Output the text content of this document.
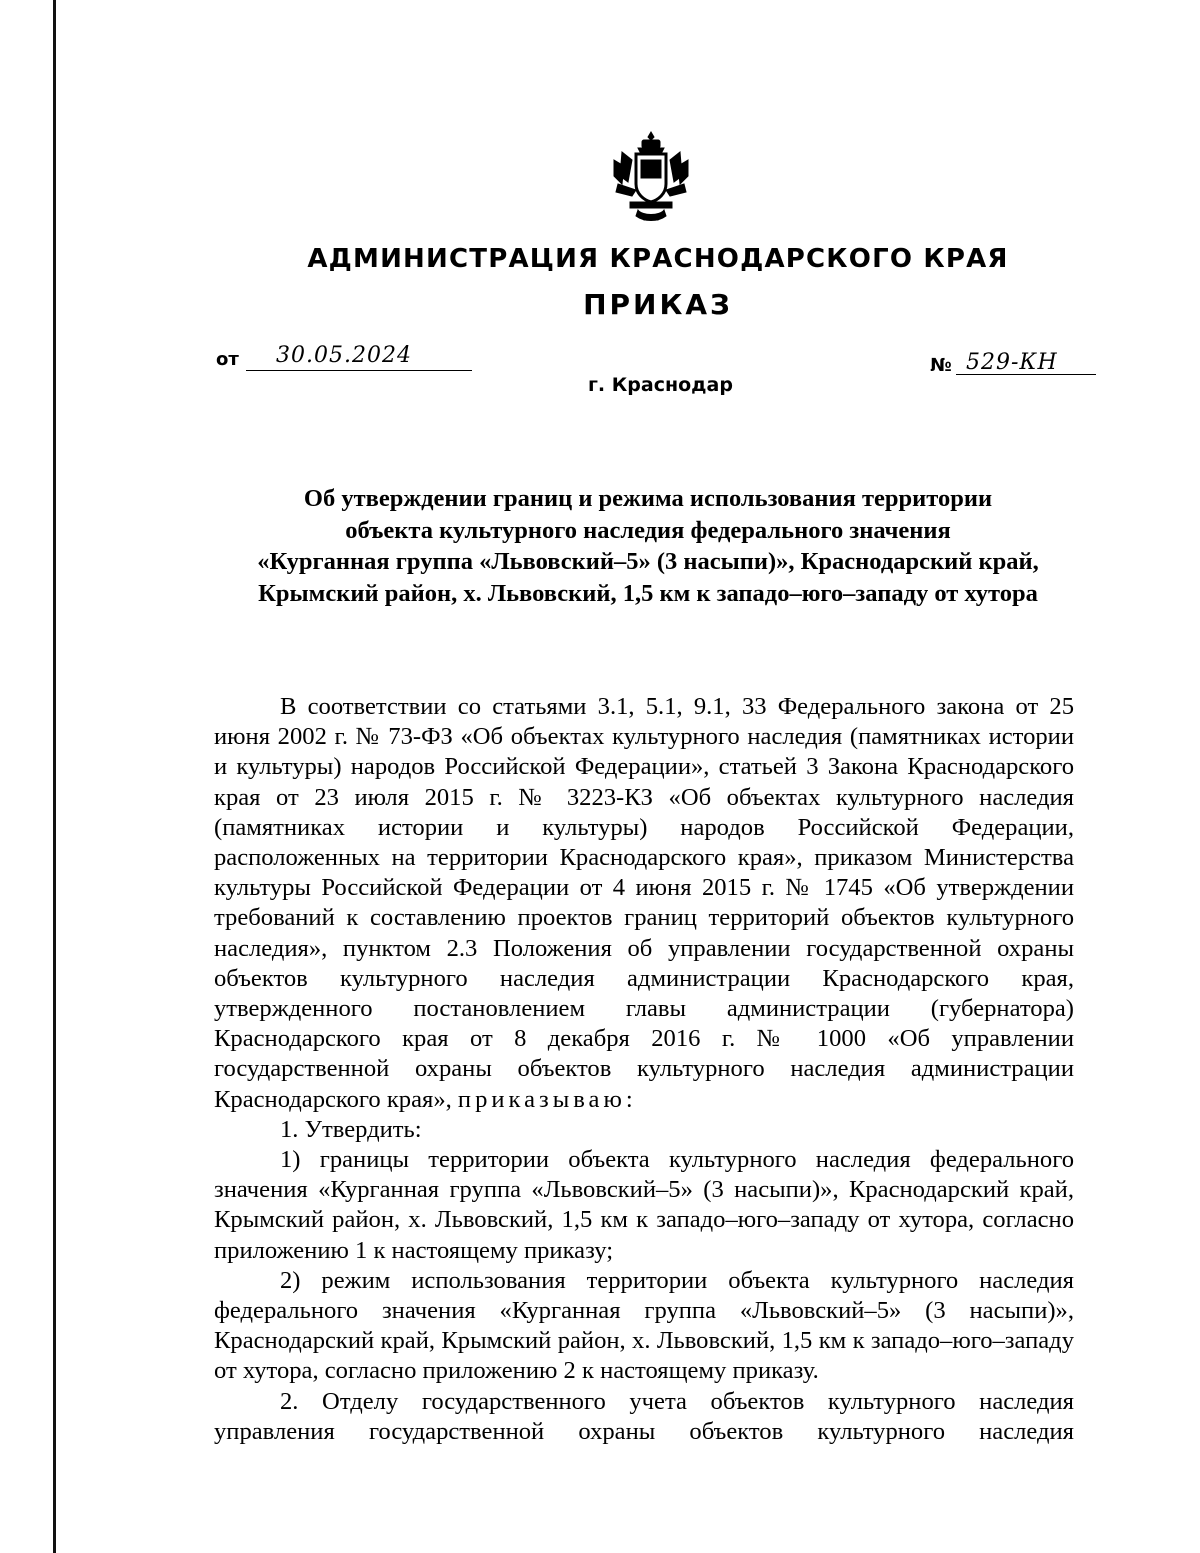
АДМИНИСТРАЦИЯ КРАСНОДАРСКОГО КРАЯ
ПРИКАЗ
от 30.05.2024
г. Краснодар
№ 529-КН
Об утверждении границ и режима использования территории
объекта культурного наследия федерального значения
«Курганная группа «Львовский–5» (3 насыпи)», Краснодарский край,
Крымский район, х. Львовский, 1,5 км к западо–юго–западу от хутора

В соответствии со статьями 3.1, 5.1, 9.1, 33 Федерального закона от 25 июня 2002 г. № 73-ФЗ «Об объектах культурного наследия (памятниках истории и культуры) народов Российской Федерации», статьей 3 Закона Краснодарского края от 23 июля 2015 г. № 3223-КЗ «Об объектах культурного наследия (памятниках истории и культуры) народов Российской Федерации, расположенных на территории Краснодарского края», приказом Министерства культуры Российской Федерации от 4 июня 2015 г. № 1745 «Об утверждении требований к составлению проектов границ территорий объектов культурного наследия», пунктом 2.3 Положения об управлении государственной охраны объектов культурного наследия администрации Краснодарского края, утвержденного постановлением главы администрации (губернатора) Краснодарского края от 8 декабря 2016 г. № 1000 «Об управлении государственной охраны объектов культурного наследия администрации Краснодарского края», приказываю:

1. Утвердить:

1) границы территории объекта культурного наследия федерального значения «Курганная группа «Львовский–5» (3 насыпи)», Краснодарский край, Крымский район, х. Львовский, 1,5 км к западо–юго–западу от хутора, согласно приложению 1 к настоящему приказу;

2) режим использования территории объекта культурного наследия федерального значения «Курганная группа «Львовский–5» (3 насыпи)», Краснодарский край, Крымский район, х. Львовский, 1,5 км к западо–юго–западу от хутора, согласно приложению 2 к настоящему приказу.

2. Отделу государственного учета объектов культурного наследия управления государственной охраны объектов культурного наследия
